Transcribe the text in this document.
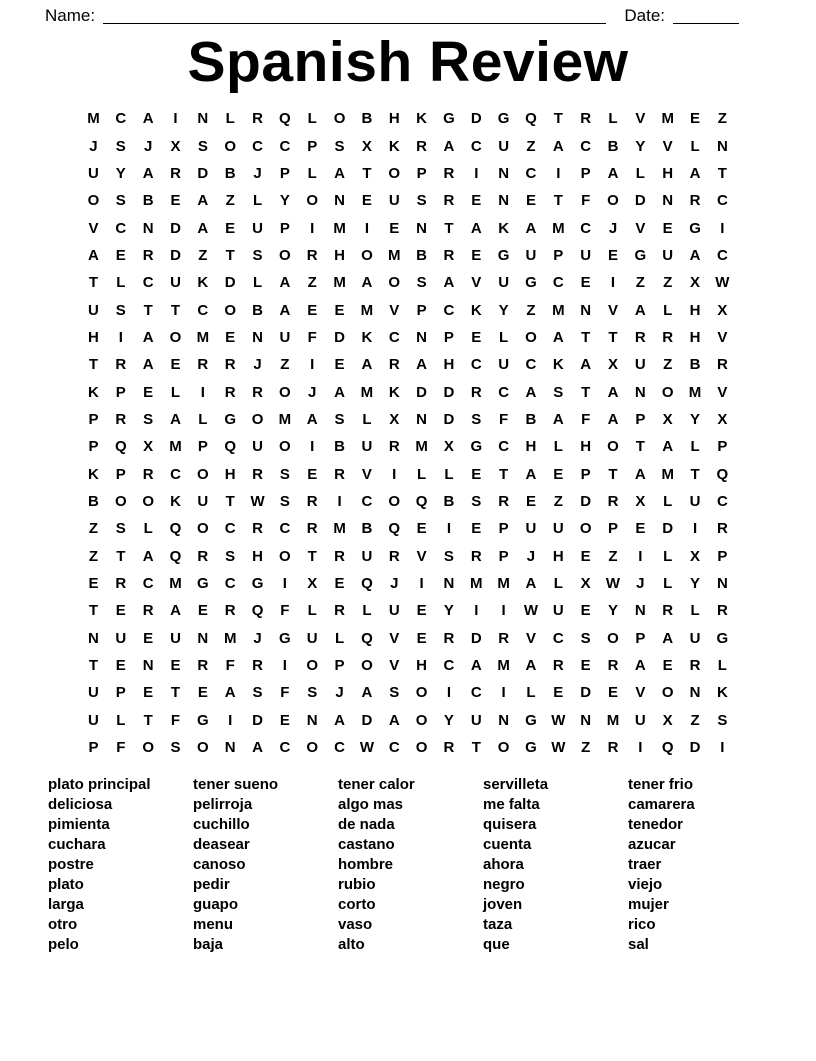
Name:	Date:
Spanish Review
M	C	A	I	N	L	R	Q	L	O	B	H	K	G	D	G	Q	T	R	L	V	M	E	Z
J	S	J	X	S	O	C	C	P	S	X	K	R	A	C	U	Z	A	C	B	Y	V	L	N
U	Y	A	R	D	B	J	P	L	A	T	O	P	R	I	N	C	I	P	A	L	H	A	T
O	S	B	E	A	Z	L	Y	O	N	E	U	S	R	E	N	E	T	F	O	D	N	R	C
V	C	N	D	A	E	U	P	I	M	I	E	N	T	A	K	A	M	C	J	V	E	G	I
A	E	R	D	Z	T	S	O	R	H	O	M	B	R	E	G	U	P	U	E	G	U	A	C
T	L	C	U	K	D	L	A	Z	M	A	O	S	A	V	U	G	C	E	I	Z	Z	X	W
U	S	T	T	C	O	B	A	E	E	M	V	P	C	K	Y	Z	M	N	V	A	L	H	X
H	I	A	O	M	E	N	U	F	D	K	C	N	P	E	L	O	A	T	T	R	R	H	V
T	R	A	E	R	R	J	Z	I	E	A	R	A	H	C	U	C	K	A	X	U	Z	B	R
K	P	E	L	I	R	R	O	J	A	M	K	D	D	R	C	A	S	T	A	N	O	M	V
P	R	S	A	L	G	O	M	A	S	L	X	N	D	S	F	B	A	F	A	P	X	Y	X
P	Q	X	M	P	Q	U	O	I	B	U	R	M	X	G	C	H	L	H	O	T	A	L	P
K	P	R	C	O	H	R	S	E	R	V	I	L	L	E	T	A	E	P	T	A	M	T	Q
B	O	O	K	U	T	W	S	R	I	C	O	Q	B	S	R	E	Z	D	R	X	L	U	C
Z	S	L	Q	O	C	R	C	R	M	B	Q	E	I	E	P	U	U	O	P	E	D	I	R
Z	T	A	Q	R	S	H	O	T	R	U	R	V	S	R	P	J	H	E	Z	I	L	X	P
E	R	C	M	G	C	G	I	X	E	Q	J	I	N	M M	A	L	X	W	J	L	Y	N
T	E	R	A	E	R	Q	F	L	R	L	U	E	Y	I	I	W U	E	Y	N	R	L	R
N	U	E	U	N	M	J	G	U	L	Q	V	E	R	D	R	V	C	S	O	P	A	U	G
T	E	N	E	R	F	R	I	O	P	O	V	H	C	A	M	A	R	E	R	A	E	R	L
U	P	E	T	E	A	S	F	S	J	A	S	O	I	C	I	L	E	D	E	V	O	N	K
U	L	T	F	G	I	D	E	N	A	D	A	O	Y	U	N	G W N	M	U	X	Z	S
P	F	O	S	O	N	A	C	O	C W C	O	R	T	O	G W	Z	R	I	Q	D	I
plato principal
deliciosa
pimienta
cuchara
postre
plato
larga
otro
pelo
tener sueno
pelirroja
cuchillo
deasear
canoso
pedir
guapo
menu
baja
tener calor
algo mas
de nada
castano
hombre
rubio
corto
vaso
alto
servilleta
me falta
quisera
cuenta
ahora
negro
joven
taza
que
tener frio
camarera
tenedor
azucar
traer
viejo
mujer
rico
sal
